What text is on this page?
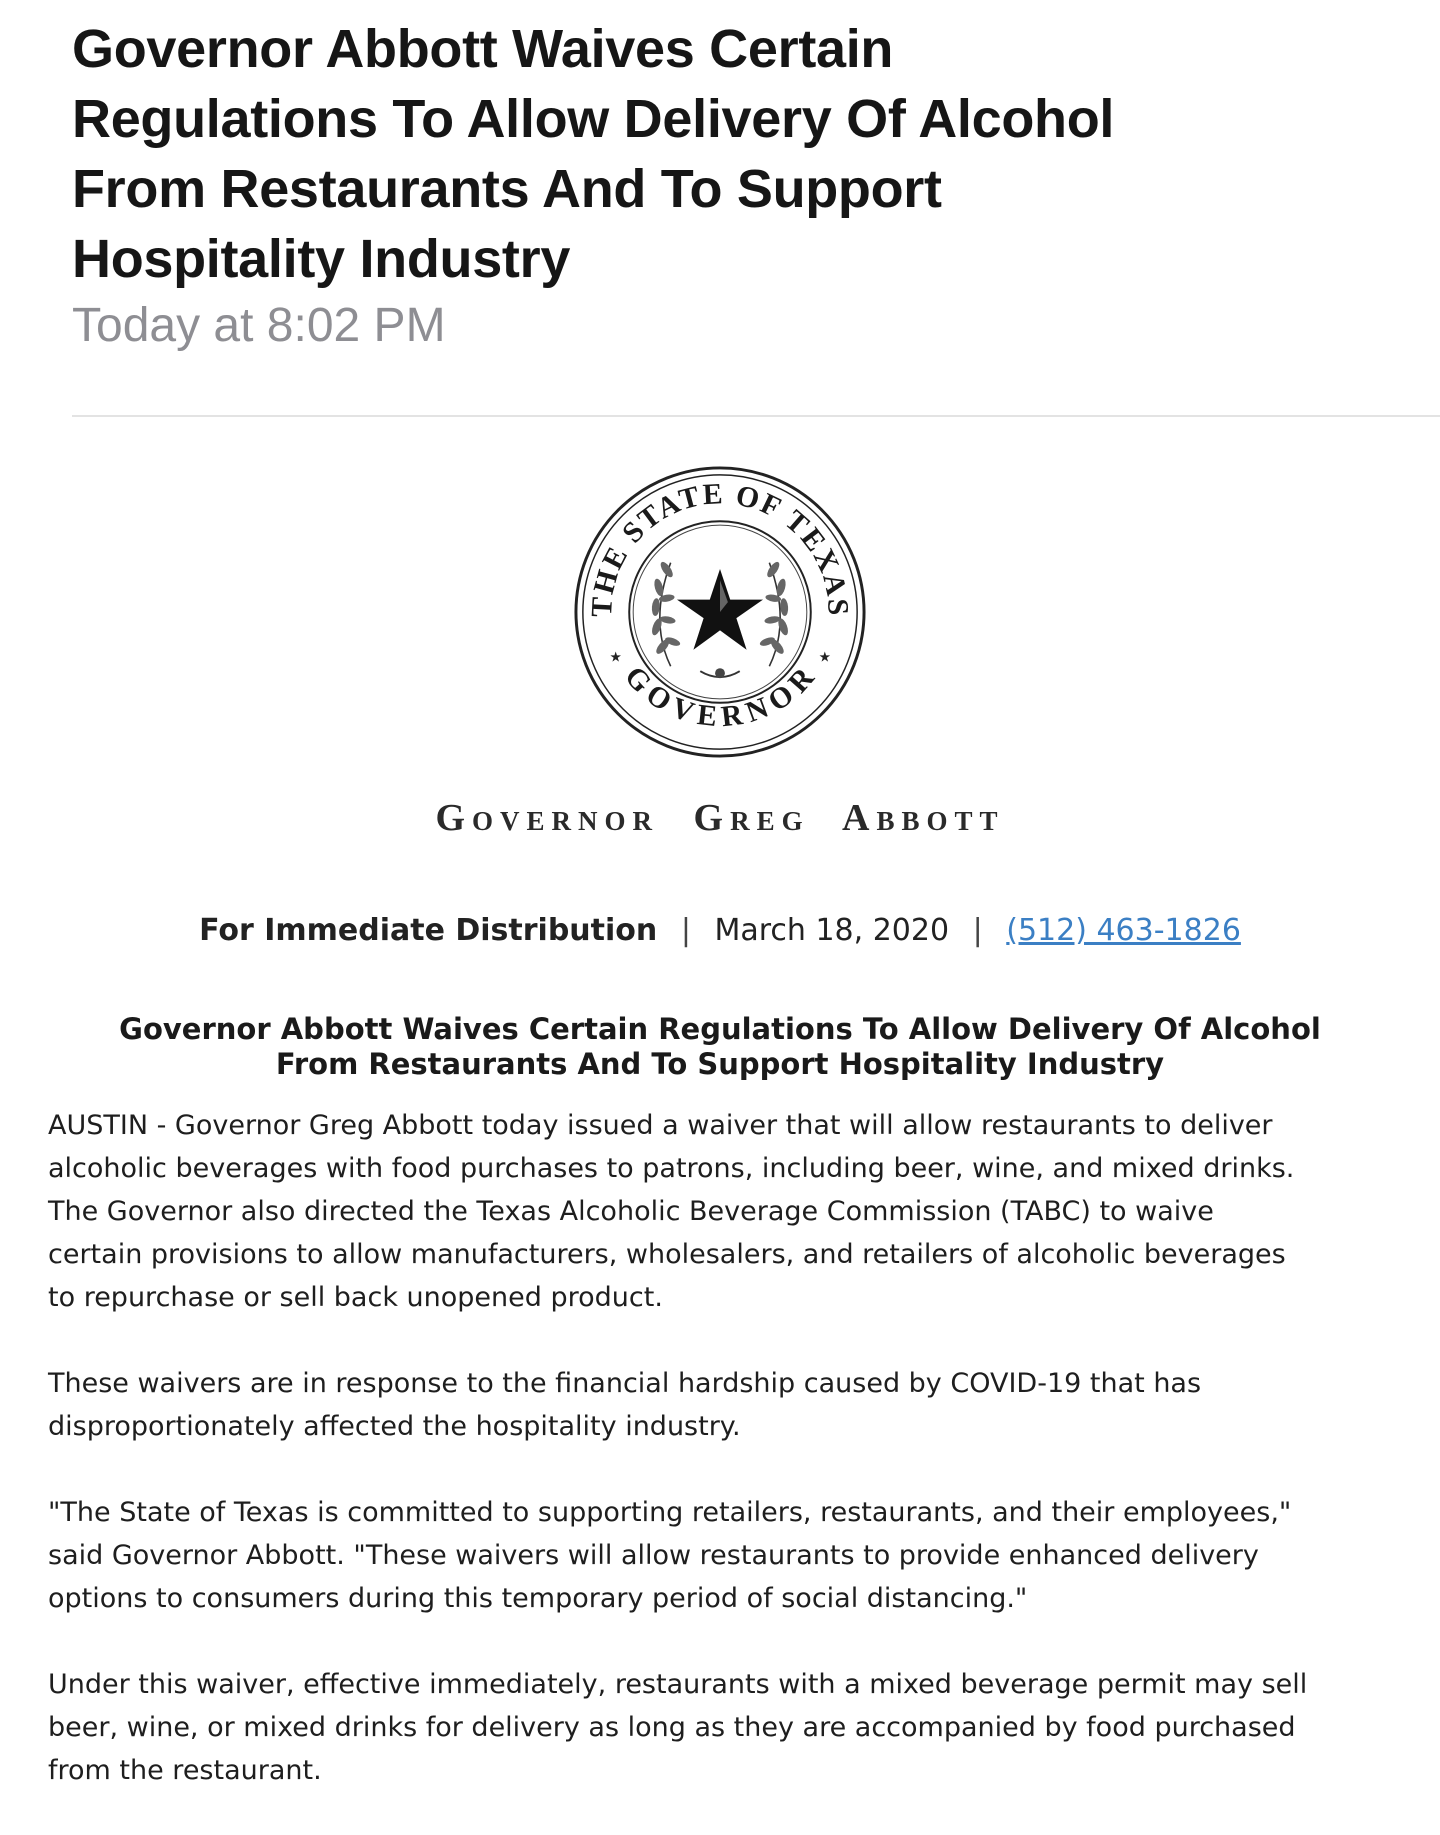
Governor Abbott Waives Certain
Regulations To Allow Delivery Of Alcohol
From Restaurants And To Support
Hospitality Industry
Today at 8:02 PM
THE STATE OF TEXAS
GOVERNOR
★	★
Governor Greg Abbott
For Immediate Distribution | March 18, 2020 | (512) 463-1826
Governor Abbott Waives Certain Regulations To Allow Delivery Of Alcohol
From Restaurants And To Support Hospitality Industry

AUSTIN - Governor Greg Abbott today issued a waiver that will allow restaurants to deliver
alcoholic beverages with food purchases to patrons, including beer, wine, and mixed drinks.
The Governor also directed the Texas Alcoholic Beverage Commission (TABC) to waive
certain provisions to allow manufacturers, wholesalers, and retailers of alcoholic beverages
to repurchase or sell back unopened product.

These waivers are in response to the financial hardship caused by COVID-19 that has
disproportionately affected the hospitality industry.

"The State of Texas is committed to supporting retailers, restaurants, and their employees,"
said Governor Abbott. "These waivers will allow restaurants to provide enhanced delivery
options to consumers during this temporary period of social distancing."

Under this waiver, effective immediately, restaurants with a mixed beverage permit may sell
beer, wine, or mixed drinks for delivery as long as they are accompanied by food purchased
from the restaurant.
